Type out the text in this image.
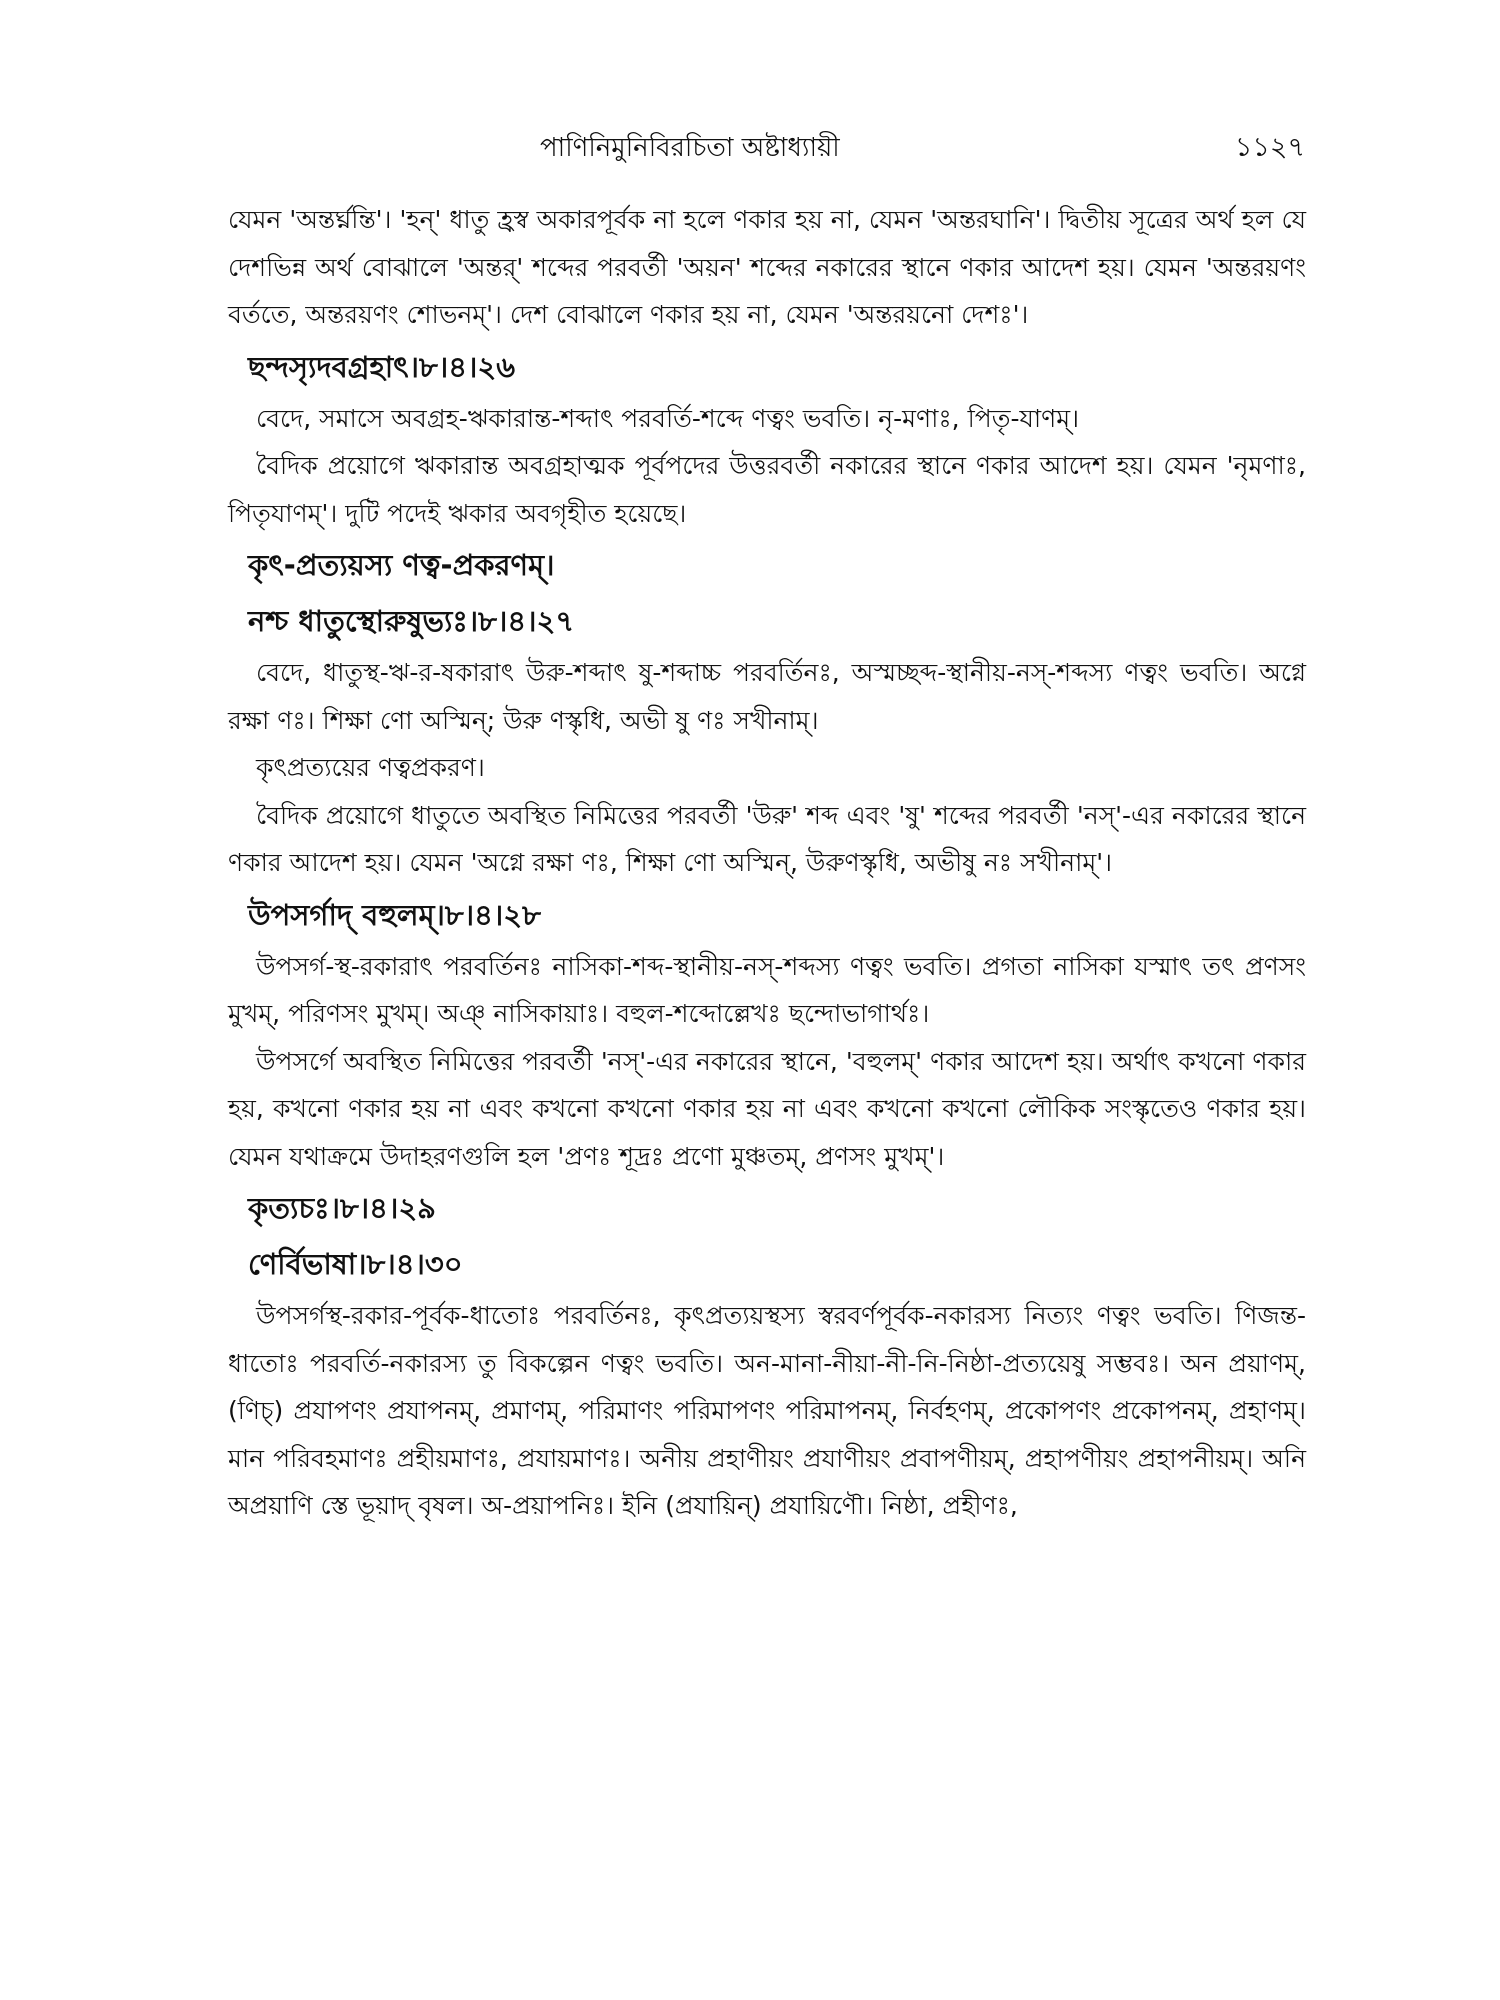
পাণিনিমুনিবিরচিতা অষ্টাধ্যায়ী	১১২৭

যেমন 'অন্তর্ঘ্নন্তি'। 'হন্' ধাতু হ্রস্ব অকারপূর্বক না হলে ণকার হয় না, যেমন 'অন্তরঘানি'। দ্বিতীয় সূত্রের অর্থ হল যে দেশভিন্ন অর্থ বোঝালে 'অন্তর্' শব্দের পরবর্তী 'অয়ন' শব্দের নকারের স্থানে ণকার আদেশ হয়। যেমন 'অন্তরয়ণং বর্ততে, অন্তরয়ণং শোভনম্'। দেশ বোঝালে ণকার হয় না, যেমন 'অন্তরয়নো দেশঃ'।

ছন্দস্যৃদবগ্রহাৎ।৮।৪।২৬

বেদে, সমাসে অবগ্রহ-ঋকারান্ত-শব্দাৎ পরবর্তি-শব্দে ণত্বং ভবতি। নৃ-মণাঃ, পিতৃ-যাণম্।

বৈদিক প্রয়োগে ঋকারান্ত অবগ্রহাত্মক পূর্বপদের উত্তরবর্তী নকারের স্থানে ণকার আদেশ হয়। যেমন 'নৃমণাঃ, পিতৃযাণম্'। দুটি পদেই ঋকার অবগৃহীত হয়েছে।

কৃৎ-প্রত্যয়স্য ণত্ব-প্রকরণম্।

নশ্চ ধাতুস্থোরুষুভ্যঃ।৮।৪।২৭

বেদে, ধাতুস্থ-ঋ-র-ষকারাৎ উরু-শব্দাৎ ষু-শব্দাচ্চ পরবর্তিনঃ, অস্মচ্ছব্দ-স্থানীয়-নস্-শব্দস্য ণত্বং ভবতি। অগ্নে রক্ষা ণঃ। শিক্ষা ণো অস্মিন্; উরু ণস্কৃধি, অভী ষু ণঃ সখীনাম্।

কৃৎপ্রত্যয়ের ণত্বপ্রকরণ।

বৈদিক প্রয়োগে ধাতুতে অবস্থিত নিমিত্তের পরবর্তী 'উরু' শব্দ এবং 'ষু' শব্দের পরবর্তী 'নস্'-এর নকারের স্থানে ণকার আদেশ হয়। যেমন 'অগ্নে রক্ষা ণঃ, শিক্ষা ণো অস্মিন্, উরুণস্কৃধি, অভীষু নঃ সখীনাম্'।

উপসর্গাদ্ বহুলম্।৮।৪।২৮

উপসর্গ-স্থ-রকারাৎ পরবর্তিনঃ নাসিকা-শব্দ-স্থানীয়-নস্-শব্দস্য ণত্বং ভবতি। প্রগতা নাসিকা যস্মাৎ তৎ প্রণসং মুখম্, পরিণসং মুখম্। অঞ্ নাসিকায়াঃ। বহুল-শব্দোল্লেখঃ ছন্দোভাগার্থঃ।

উপসর্গে অবস্থিত নিমিত্তের পরবর্তী 'নস্'-এর নকারের স্থানে, 'বহুলম্' ণকার আদেশ হয়। অর্থাৎ কখনো ণকার হয়, কখনো ণকার হয় না এবং কখনো কখনো ণকার হয় না এবং কখনো কখনো লৌকিক সংস্কৃতেও ণকার হয়। যেমন যথাক্রমে উদাহরণগুলি হল 'প্রণঃ শূদ্রঃ প্রণো মুঞ্চতম্, প্রণসং মুখম্'।

কৃত্যচঃ।৮।৪।২৯

ণের্বিভাষা।৮।৪।৩০

উপসর্গস্থ-রকার-পূর্বক-ধাতোঃ পরবর্তিনঃ, কৃৎপ্রত্যয়স্থস্য স্বরবর্ণপূর্বক-নকারস্য নিত্যং ণত্বং ভবতি। ণিজন্ত-ধাতোঃ পরবর্তি-নকারস্য তু বিকল্পেন ণত্বং ভবতি। অন-মানা-নীয়া-নী-নি-নিষ্ঠা-প্রত্যয়েষু সম্ভবঃ। অন প্রয়াণম্, (ণিচ্) প্রযাপণং প্রযাপনম্, প্রমাণম্, পরিমাণং পরিমাপণং পরিমাপনম্, নির্বহণম্, প্রকোপণং প্রকোপনম্, প্রহাণম্। মান পরিবহমাণঃ প্রহীয়মাণঃ, প্রযায়মাণঃ। অনীয় প্রহাণীয়ং প্রযাণীয়ং প্রবাপণীয়ম্, প্রহাপণীয়ং প্রহাপনীয়ম্। অনি অপ্রয়াণি স্তে ভূয়াদ্ বৃষল। অ-প্রয়াপনিঃ। ইনি (প্রযায়িন্) প্রযায়িণৌ। নিষ্ঠা, প্রহীণঃ,
